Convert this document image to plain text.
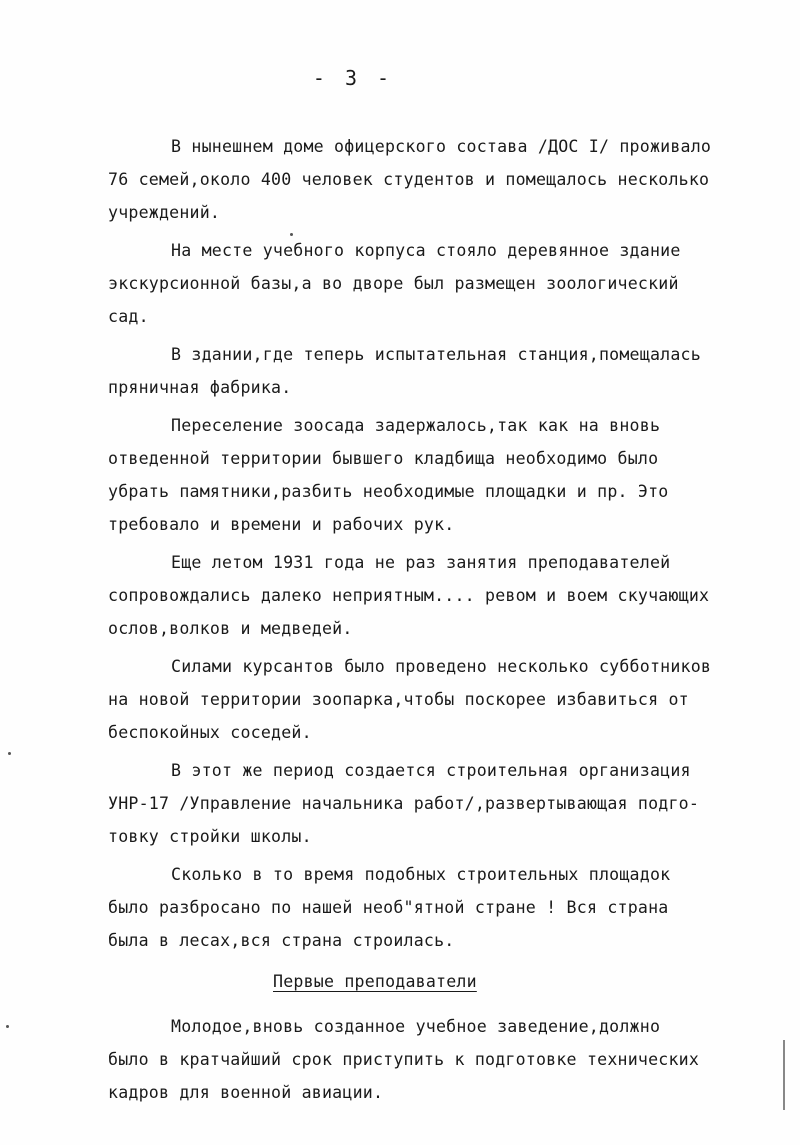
- 3 -

В нынешнем доме офицерского состава /ДОС I/ проживало
76 семей,около 400 человек студентов и помещалось несколько
учреждений.

На месте учебного корпуса стояло деревянное здание
экскурсионной базы,а во дворе был размещен зоологический
сад.

В здании,где теперь испытательная станция,помещалась
пряничная фабрика.

Переселение зоосада задержалось,так как на вновь
отведенной территории бывшего кладбища необходимо было
убрать памятники,разбить необходимые площадки и пр. Это
требовало и времени и рабочих рук.

Еще летом 1931 года не раз занятия преподавателей
сопровождались далеко неприятным.... ревом и воем скучающих
ослов,волков и медведей.

Силами курсантов было проведено несколько субботников
на новой территории зоопарка,чтобы поскорее избавиться от
беспокойных соседей.

В этот же период создается строительная организация
УНР-17 /Управление начальника работ/,развертывающая подго-
товку стройки школы.

Сколько в то время подобных строительных площадок
было разбросано по нашей необ"ятной стране ! Вся страна
была в лесах,вся страна строилась.

Первые преподаватели

Молодое,вновь созданное учебное заведение,должно
было в кратчайший срок приступить к подготовке технических
кадров для военной авиации.
